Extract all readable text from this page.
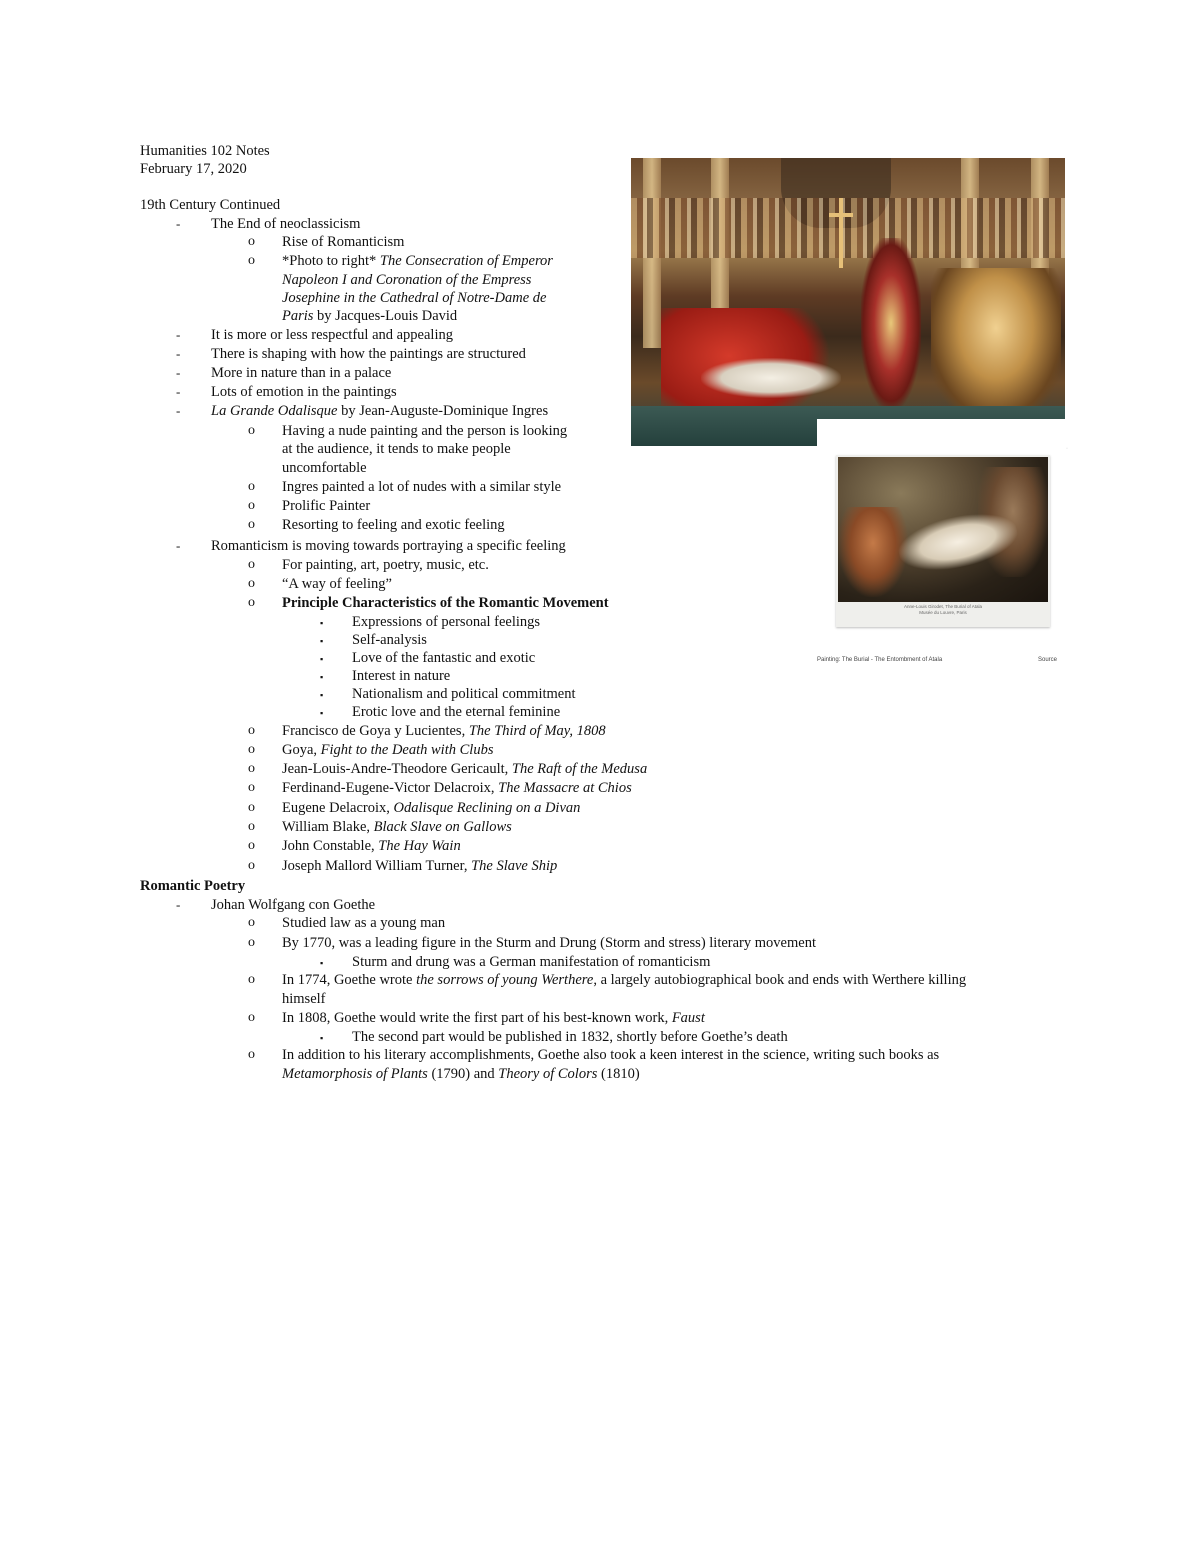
Humanities 102 Notes
February 17, 2020
19th Century Continued
- The End of neoclassicism
o Rise of Romanticism
o *Photo to right* The Consecration of Emperor
Napoleon I and Coronation of the Empress
Josephine in the Cathedral of Notre-Dame de
Paris by Jacques-Louis David
- It is more or less respectful and appealing
- There is shaping with how the paintings are structured
- More in nature than in a palace
- Lots of emotion in the paintings
- La Grande Odalisque by Jean-Auguste-Dominique Ingres
o Having a nude painting and the person is looking
at the audience, it tends to make people
uncomfortable
o Ingres painted a lot of nudes with a similar style
o Prolific Painter
o Resorting to feeling and exotic feeling
- Romanticism is moving towards portraying a specific feeling
o For painting, art, poetry, music, etc.
o “A way of feeling”
o Principle Characteristics of the Romantic Movement
▪ Expressions of personal feelings
▪ Self-analysis
▪ Love of the fantastic and exotic
▪ Interest in nature
▪ Nationalism and political commitment
▪ Erotic love and the eternal feminine
o Francisco de Goya y Lucientes, The Third of May, 1808
o Goya, Fight to the Death with Clubs
o Jean-Louis-Andre-Theodore Gericault, The Raft of the Medusa
o Ferdinand-Eugene-Victor Delacroix, The Massacre at Chios
o Eugene Delacroix, Odalisque Reclining on a Divan
o William Blake, Black Slave on Gallows
o John Constable, The Hay Wain
o Joseph Mallord William Turner, The Slave Ship
Romantic Poetry
- Johan Wolfgang con Goethe
o Studied law as a young man
o By 1770, was a leading figure in the Sturm and Drung (Storm and stress) literary movement
▪ Sturm and drung was a German manifestation of romanticism
o In 1774, Goethe wrote the sorrows of young Werthere, a largely autobiographical book and ends with Werthere killing
himself
o In 1808, Goethe would write the first part of his best-known work, Faust
▪ The second part would be published in 1832, shortly before Goethe’s death
o In addition to his literary accomplishments, Goethe also took a keen interest in the science, writing such books as
Metamorphosis of Plants (1790) and Theory of Colors (1810)
·
Anne-Louis Girodet, The Burial of Atala
Musée du Louvre, Paris
Painting: The Burial - The Entombment of Atala	Source
